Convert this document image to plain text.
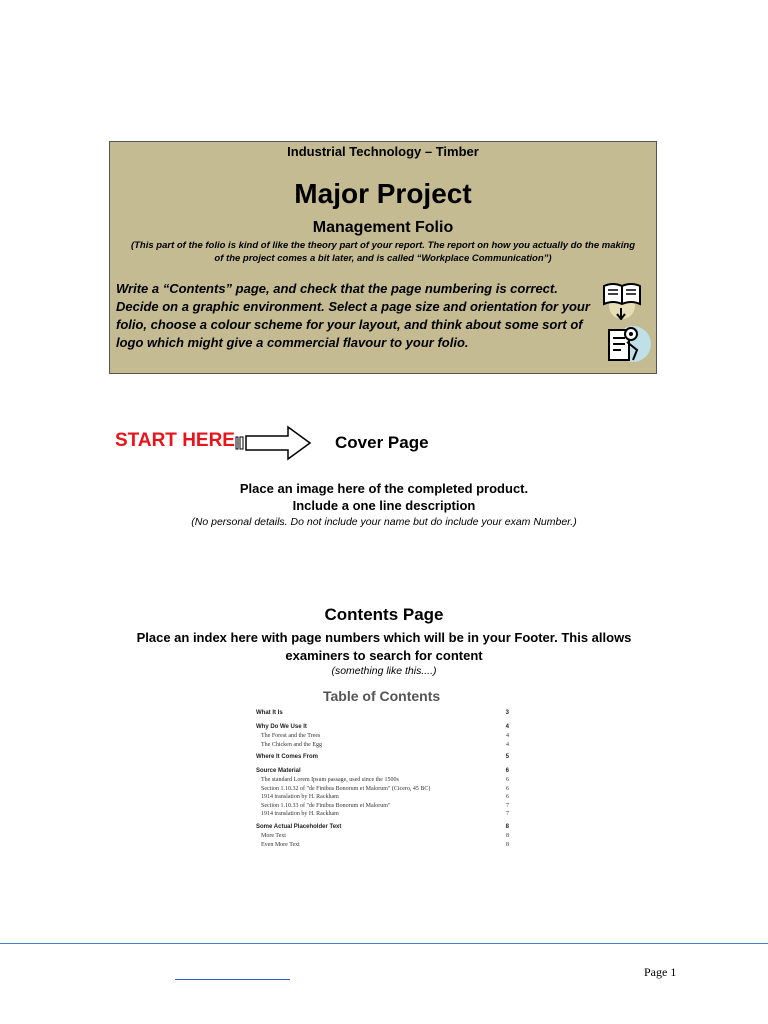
Industrial Technology – Timber
Major Project
Management Folio
(This part of the folio is kind of like the theory part of your report. The report on how you actually do the making of the project comes a bit later, and is called “Workplace Communication”)
Write a “Contents” page, and check that the page numbering is correct. Decide on a graphic environment. Select a page size and orientation for your folio, choose a colour scheme for your layout, and think about some sort of logo which might give a commercial flavour to your folio.
START HERE	Cover Page
Place an image here of the completed product.
Include a one line description
(No personal details. Do not include your name but do include your exam Number.)
Contents Page
Place an index here with page numbers which will be in your Footer. This allows examiners to search for content
(something like this....)
Table of Contents
What It Is	3
Why Do We Use It	4
The Forest and the Trees	4
The Chicken and the Egg	4
Where It Comes From	5
Source Material	6
The standard Lorem Ipsum passage, used since the 1500s	6
Section 1.10.32 of "de Finibus Bonorum et Malorum" (Cicero, 45 BC)	6
1914 translation by H. Rackham	6
Section 1.10.33 of "de Finibus Bonorum et Malorum"	7
1914 translation by H. Rackham	7
Some Actual Placeholder Text	8
More Text	8
Even More Text	8
Page 1
